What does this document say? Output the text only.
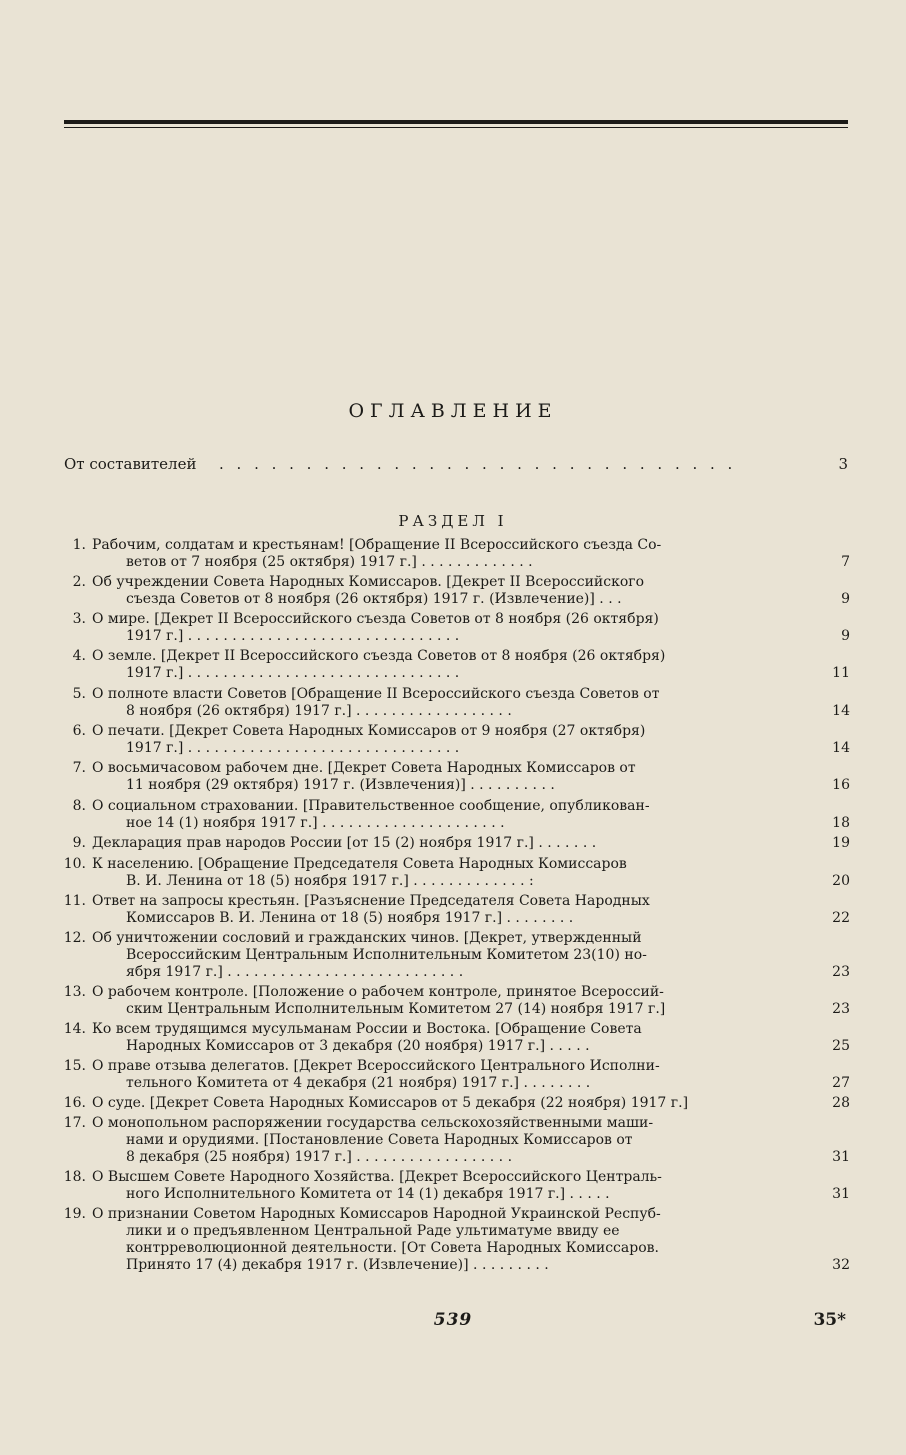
ОГЛАВЛЕНИЕ
От составителей . . . . . . . . . . . . . . . . . . . . . . . . . . . . . .	3
РАЗДЕЛ I
1. Рабочим, солдатам и крестьянам! [Обращение II Всероссийского съезда Со-
ветов от 7 ноября (25 октября) 1917 г.] . . . . . . . . . . . . .	7
2. Об учреждении Совета Народных Комиссаров. [Декрет II Всероссийского
съезда Советов от 8 ноября (26 октября) 1917 г. (Извлечение)] . . .	9
3. О мире. [Декрет II Всероссийского съезда Советов от 8 ноября (26 октября)
1917 г.] . . . . . . . . . . . . . . . . . . . . . . . . . . . . . . .	9
4. О земле. [Декрет II Всероссийского съезда Советов от 8 ноября (26 октября)
1917 г.] . . . . . . . . . . . . . . . . . . . . . . . . . . . . . . .	11
5. О полноте власти Советов [Обращение II Всероссийского съезда Советов от
8 ноября (26 октября) 1917 г.] . . . . . . . . . . . . . . . . . .	14
6. О печати. [Декрет Совета Народных Комиссаров от 9 ноября (27 октября)
1917 г.] . . . . . . . . . . . . . . . . . . . . . . . . . . . . . . .	14
7. О восьмичасовом рабочем дне. [Декрет Совета Народных Комиссаров от
11 ноября (29 октября) 1917 г. (Извлечения)] . . . . . . . . . .	16
8. О социальном страховании. [Правительственное сообщение, опубликован-
ное 14 (1) ноября 1917 г.] . . . . . . . . . . . . . . . . . . . . .	18
9. Декларация прав народов России [от 15 (2) ноября 1917 г.] . . . . . . .	19
10. К населению. [Обращение Председателя Совета Народных Комиссаров
В. И. Ленина от 18 (5) ноября 1917 г.] . . . . . . . . . . . . . :	20
11. Ответ на запросы крестьян. [Разъяснение Председателя Совета Народных
Комиссаров В. И. Ленина от 18 (5) ноября 1917 г.] . . . . . . . .	22
12. Об уничтожении сословий и гражданских чинов. [Декрет, утвержденный
Всероссийским Центральным Исполнительным Комитетом 23(10) но-
ября 1917 г.] . . . . . . . . . . . . . . . . . . . . . . . . . . .	23
13. О рабочем контроле. [Положение о рабочем контроле, принятое Всероссий-
ским Центральным Исполнительным Комитетом 27 (14) ноября 1917 г.]	23
14. Ко всем трудящимся мусульманам России и Востока. [Обращение Совета
Народных Комиссаров от 3 декабря (20 ноября) 1917 г.] . . . . .	25
15. О праве отзыва делегатов. [Декрет Всероссийского Центрального Исполни-
тельного Комитета от 4 декабря (21 ноября) 1917 г.] . . . . . . . .	27
16. О суде. [Декрет Совета Народных Комиссаров от 5 декабря (22 ноября) 1917 г.]	28
17. О монопольном распоряжении государства сельскохозяйственными маши-
нами и орудиями. [Постановление Совета Народных Комиссаров от
8 декабря (25 ноября) 1917 г.] . . . . . . . . . . . . . . . . . .	31
18. О Высшем Совете Народного Хозяйства. [Декрет Всероссийского Централь-
ного Исполнительного Комитета от 14 (1) декабря 1917 г.] . . . . .	31
19. О признании Советом Народных Комиссаров Народной Украинской Респуб-
лики и о предъявленном Центральной Раде ультиматуме ввиду ее
контрреволюционной деятельности. [От Совета Народных Комиссаров.
Принято 17 (4) декабря 1917 г. (Извлечение)] . . . . . . . . .	32
539	35*
